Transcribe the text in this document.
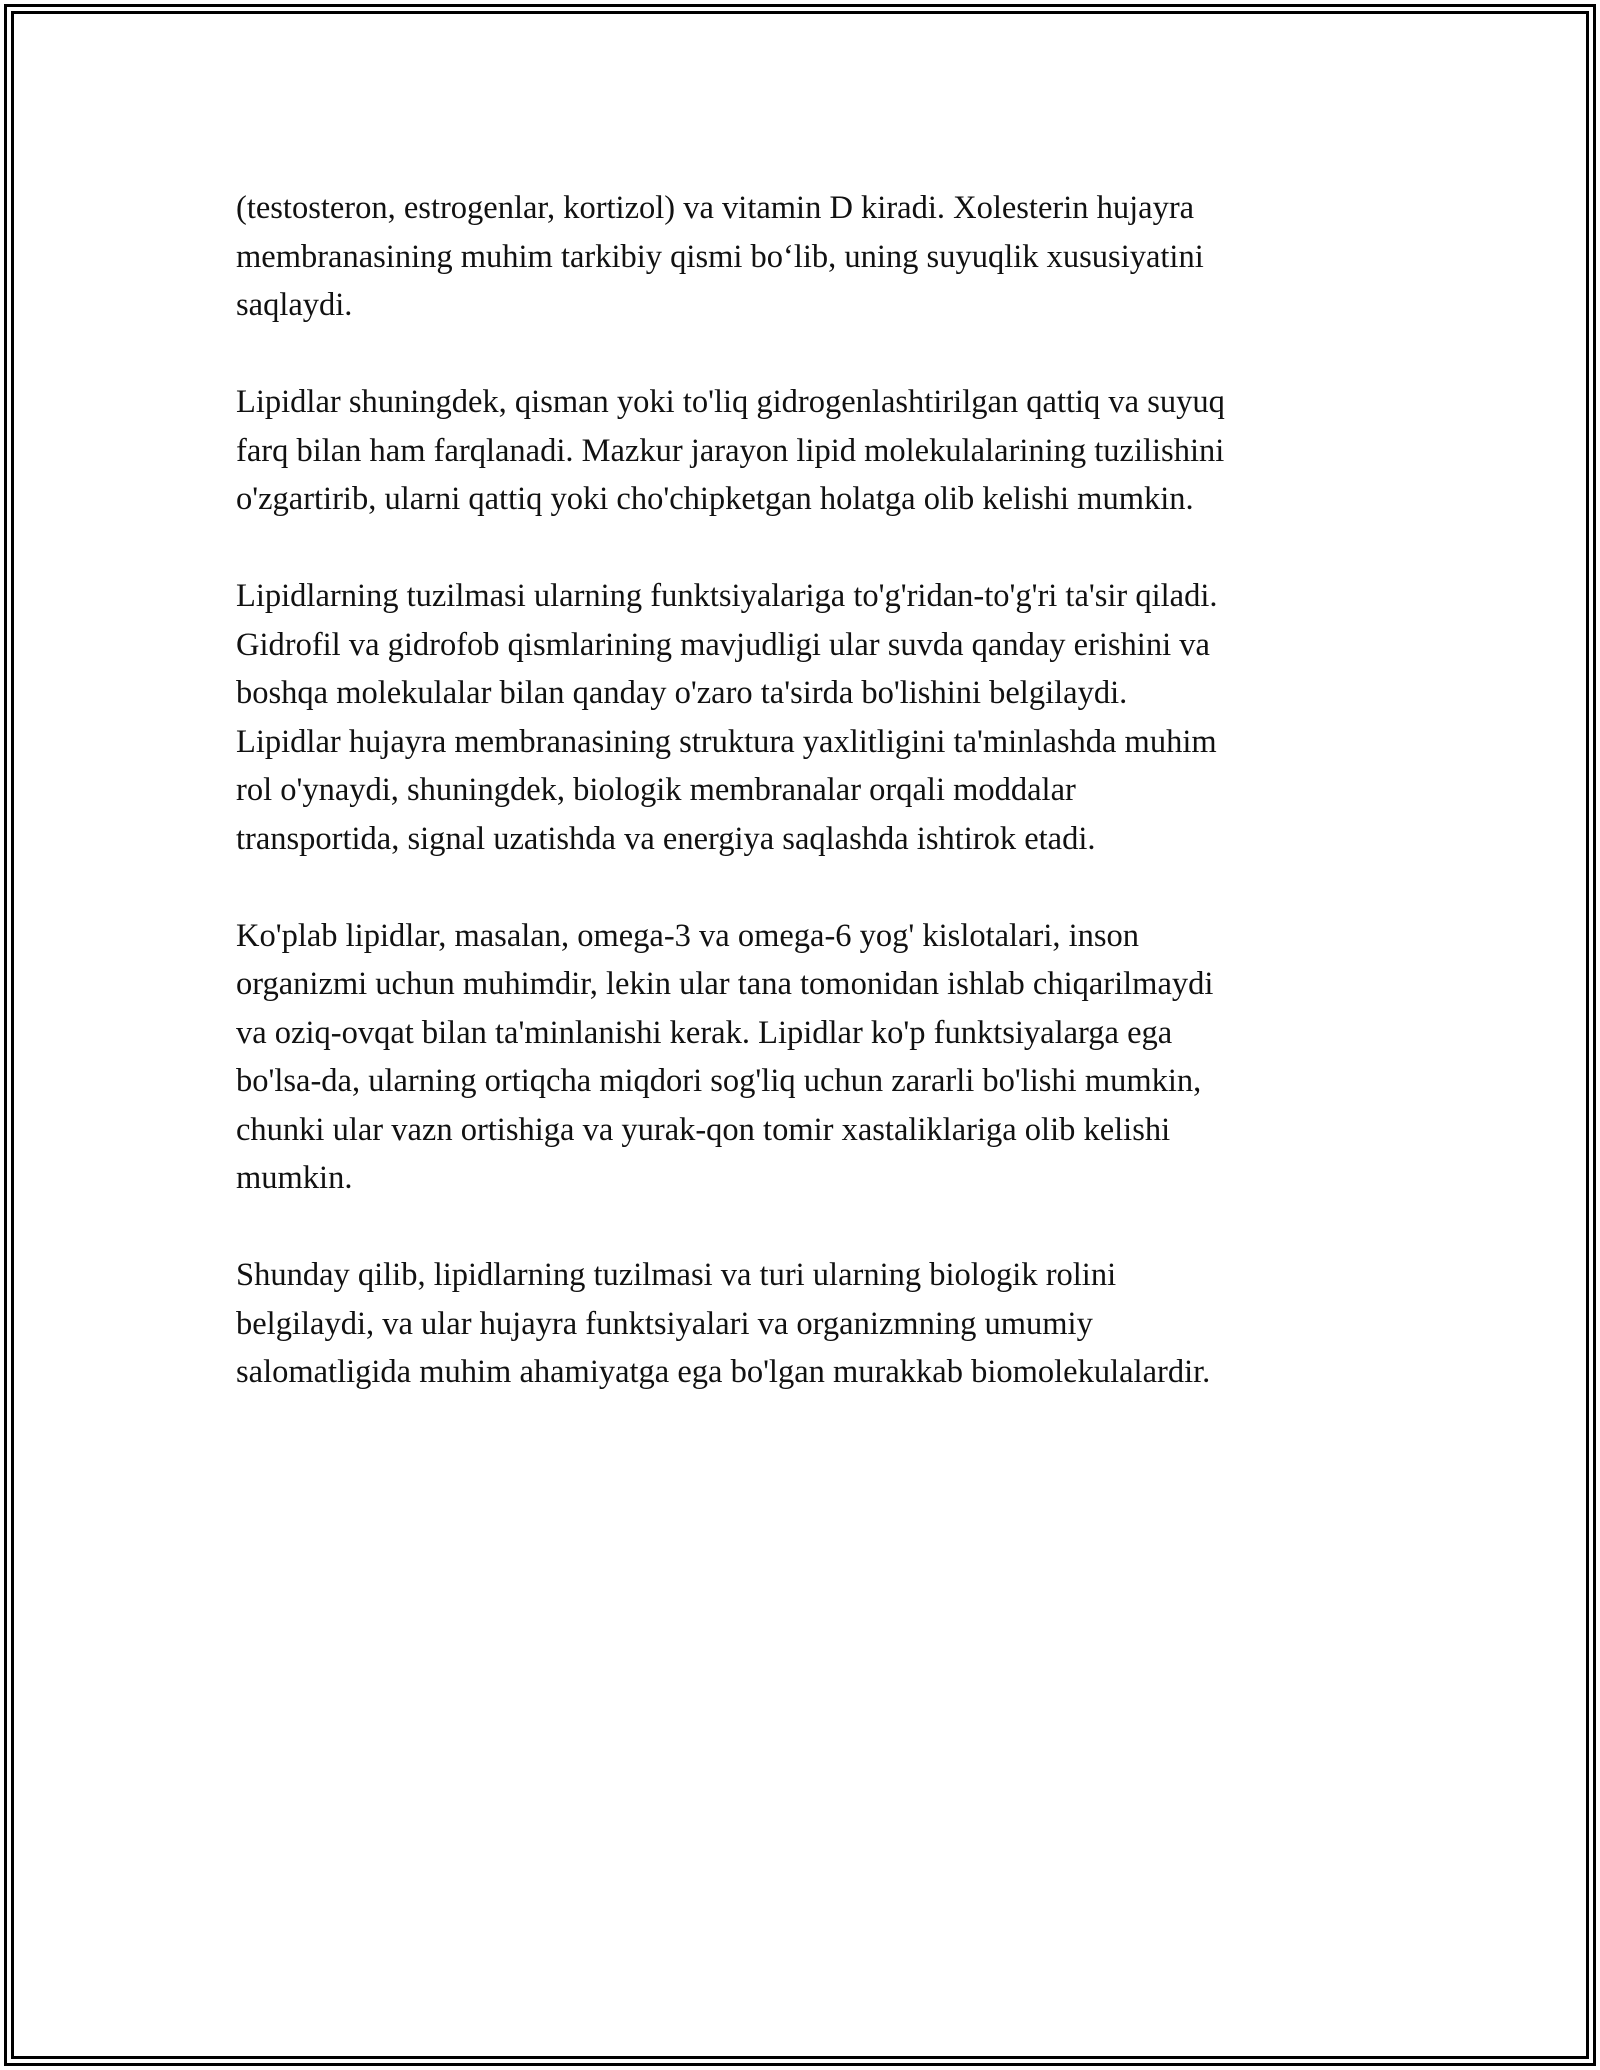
(testosteron, estrogenlar, kortizol) va vitamin D kiradi. Xolesterin hujayra
membranasining muhim tarkibiy qismi bo‘lib, uning suyuqlik xususiyatini
saqlaydi.

Lipidlar shuningdek, qisman yoki to'liq gidrogenlashtirilgan qattiq va suyuq
farq bilan ham farqlanadi. Mazkur jarayon lipid molekulalarining tuzilishini
o'zgartirib, ularni qattiq yoki cho'chipketgan holatga olib kelishi mumkin.

Lipidlarning tuzilmasi ularning funktsiyalariga to'g'ridan-to'g'ri ta'sir qiladi.
Gidrofil va gidrofob qismlarining mavjudligi ular suvda qanday erishini va
boshqa molekulalar bilan qanday o'zaro ta'sirda bo'lishini belgilaydi.
Lipidlar hujayra membranasining struktura yaxlitligini ta'minlashda muhim
rol o'ynaydi, shuningdek, biologik membranalar orqali moddalar
transportida, signal uzatishda va energiya saqlashda ishtirok etadi.

Ko'plab lipidlar, masalan, omega-3 va omega-6 yog' kislotalari, inson
organizmi uchun muhimdir, lekin ular tana tomonidan ishlab chiqarilmaydi
va oziq-ovqat bilan ta'minlanishi kerak. Lipidlar ko'p funktsiyalarga ega
bo'lsa-da, ularning ortiqcha miqdori sog'liq uchun zararli bo'lishi mumkin,
chunki ular vazn ortishiga va yurak-qon tomir xastaliklariga olib kelishi
mumkin.

Shunday qilib, lipidlarning tuzilmasi va turi ularning biologik rolini
belgilaydi, va ular hujayra funktsiyalari va organizmning umumiy
salomatligida muhim ahamiyatga ega bo'lgan murakkab biomolekulalardir.
